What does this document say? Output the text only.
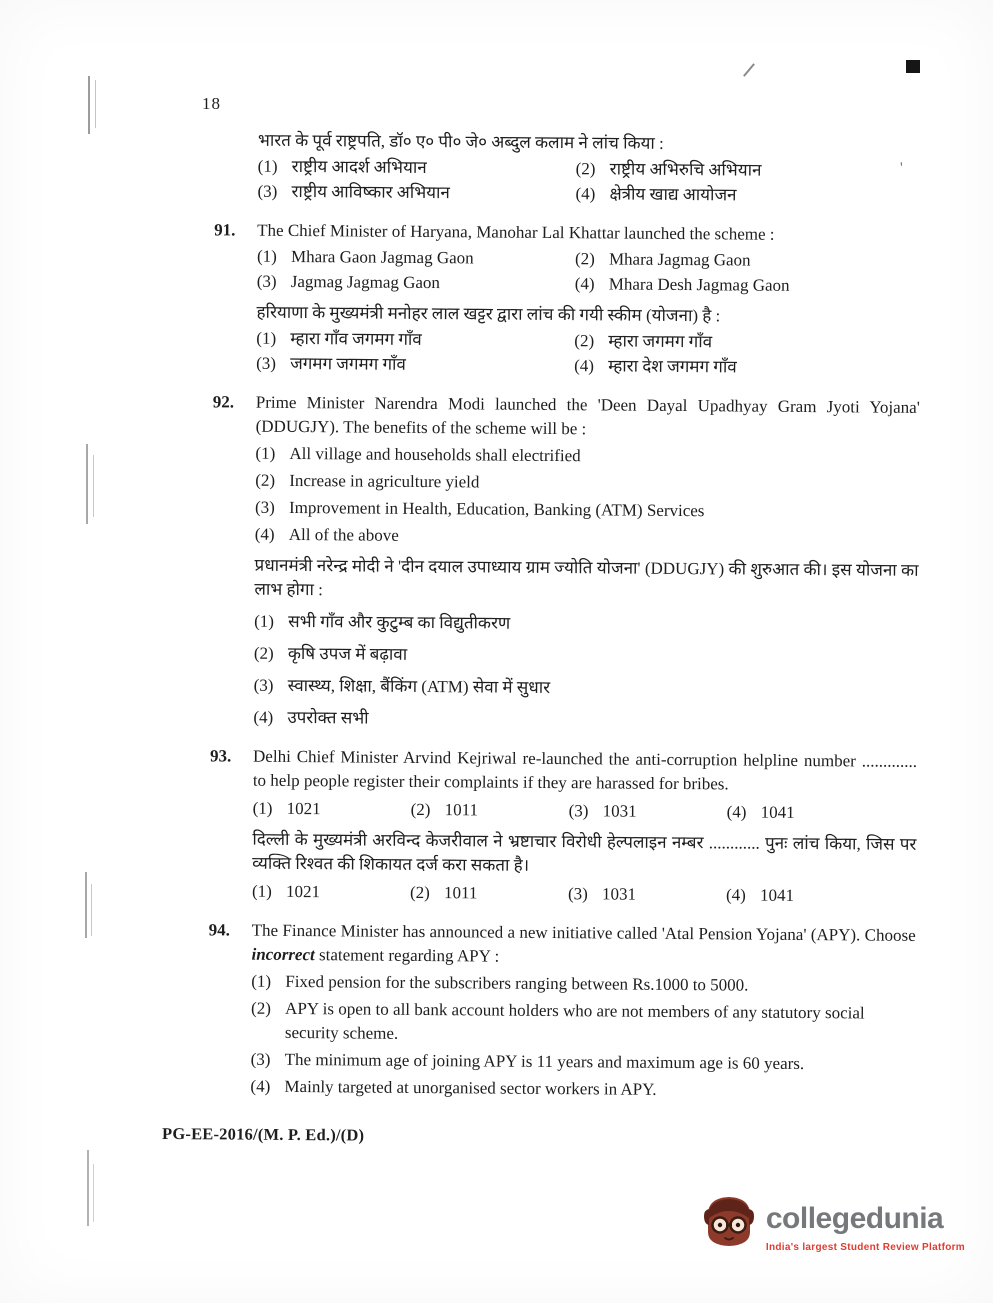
'
18

भारत के पूर्व राष्ट्रपति, डॉ० ए० पी० जे० अब्दुल कलाम ने लांच किया :

(1) राष्ट्रीय आदर्श अभियान	(2) राष्ट्रीय अभिरुचि अभियान
(3) राष्ट्रीय आविष्कार अभियान	(4) क्षेत्रीय खाद्य आयोजन
91.	The Chief Minister of Haryana, Manohar Lal Khattar launched the scheme :

(1) Mhara Gaon Jagmag Gaon	(2) Mhara Jagmag Gaon
(3) Jagmag Jagmag Gaon	(4) Mhara Desh Jagmag Gaon

हरियाणा के मुख्यमंत्री मनोहर लाल खट्टर द्वारा लांच की गयी स्कीम (योजना) है :

(1) म्हारा गाँव जगमग गाँव	(2) म्हारा जगमग गाँव
(3) जगमग जगमग गाँव	(4) म्हारा देश जगमग गाँव
92.	Prime Minister Narendra Modi launched the 'Deen Dayal Upadhyay Gram Jyoti Yojana' (DDUGJY). The benefits of the scheme will be :

(1) All village and households shall electrified
(2) Increase in agriculture yield
(3) Improvement in Health, Education, Banking (ATM) Services
(4) All of the above

प्रधानमंत्री नरेन्द्र मोदी ने 'दीन दयाल उपाध्याय ग्राम ज्योति योजना' (DDUGJY) की शुरुआत की। इस योजना का लाभ होगा :

(1) सभी गाँव और कुटुम्ब का विद्युतीकरण
(2) कृषि उपज में बढ़ावा
(3) स्वास्थ्य, शिक्षा, बैंकिंग (ATM) सेवा में सुधार
(4) उपरोक्त सभी
93.	Delhi Chief Minister Arvind Kejriwal re-launched the anti-corruption helpline number ............. to help people register their complaints if they are harassed for bribes.

(1) 1021	(2) 1011	(3) 1031	(4) 1041

दिल्ली के मुख्यमंत्री अरविन्द केजरीवाल ने भ्रष्टाचार विरोधी हेल्पलाइन नम्बर ............ पुनः लांच किया, जिस पर व्यक्ति रिश्वत की शिकायत दर्ज करा सकता है।

(1) 1021	(2) 1011	(3) 1031	(4) 1041
94.	The Finance Minister has announced a new initiative called 'Atal Pension Yojana' (APY). Choose incorrect statement regarding APY :

(1) Fixed pension for the subscribers ranging between Rs.1000 to 5000.
(2) APY is open to all bank account holders who are not members of any statutory social security scheme.
(3) The minimum age of joining APY is 11 years and maximum age is 60 years.
(4) Mainly targeted at unorganised sector workers in APY.

PG-EE-2016/(M. P. Ed.)/(D)

collegedunia
India's largest Student Review Platform
